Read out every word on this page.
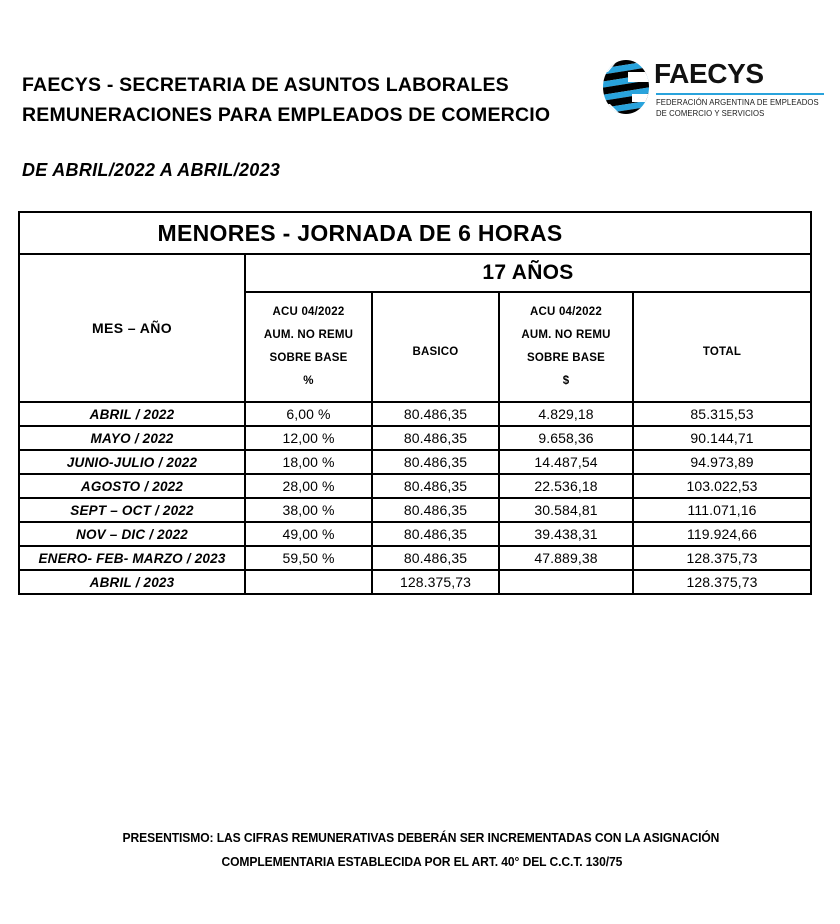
FAECYS - SECRETARIA DE ASUNTOS LABORALES
REMUNERACIONES PARA EMPLEADOS DE COMERCIO
DE ABRIL/2022 A ABRIL/2023
FAECYS
FEDERACIÓN ARGENTINA DE EMPLEADOS
DE COMERCIO Y SERVICIOS
MENORES - JORNADA DE 6 HORAS				
MES – AÑO	17 AÑOS			

	ACU 04/2022
AUM. NO REMU
SOBRE BASE
%	BASICO	ACU 04/2022
AUM. NO REMU
SOBRE BASE
$	TOTAL

ABRIL / 2022	6,00 %	80.486,35	4.829,18	85.315,53
MAYO / 2022	12,00 %	80.486,35	9.658,36	90.144,71
JUNIO-JULIO / 2022	18,00 %	80.486,35	14.487,54	94.973,89
AGOSTO / 2022	28,00 %	80.486,35	22.536,18	103.022,53
SEPT – OCT / 2022	38,00 %	80.486,35	30.584,81	111.071,16
NOV – DIC / 2022	49,00 %	80.486,35	39.438,31	119.924,66
ENERO- FEB- MARZO / 2023	59,50 %	80.486,35	47.889,38	128.375,73
ABRIL / 2023		128.375,73		128.375,73
PRESENTISMO: LAS CIFRAS REMUNERATIVAS DEBERÁN SER INCREMENTADAS CON LA ASIGNACIÓN
COMPLEMENTARIA ESTABLECIDA POR EL ART. 40° DEL C.C.T. 130/75
